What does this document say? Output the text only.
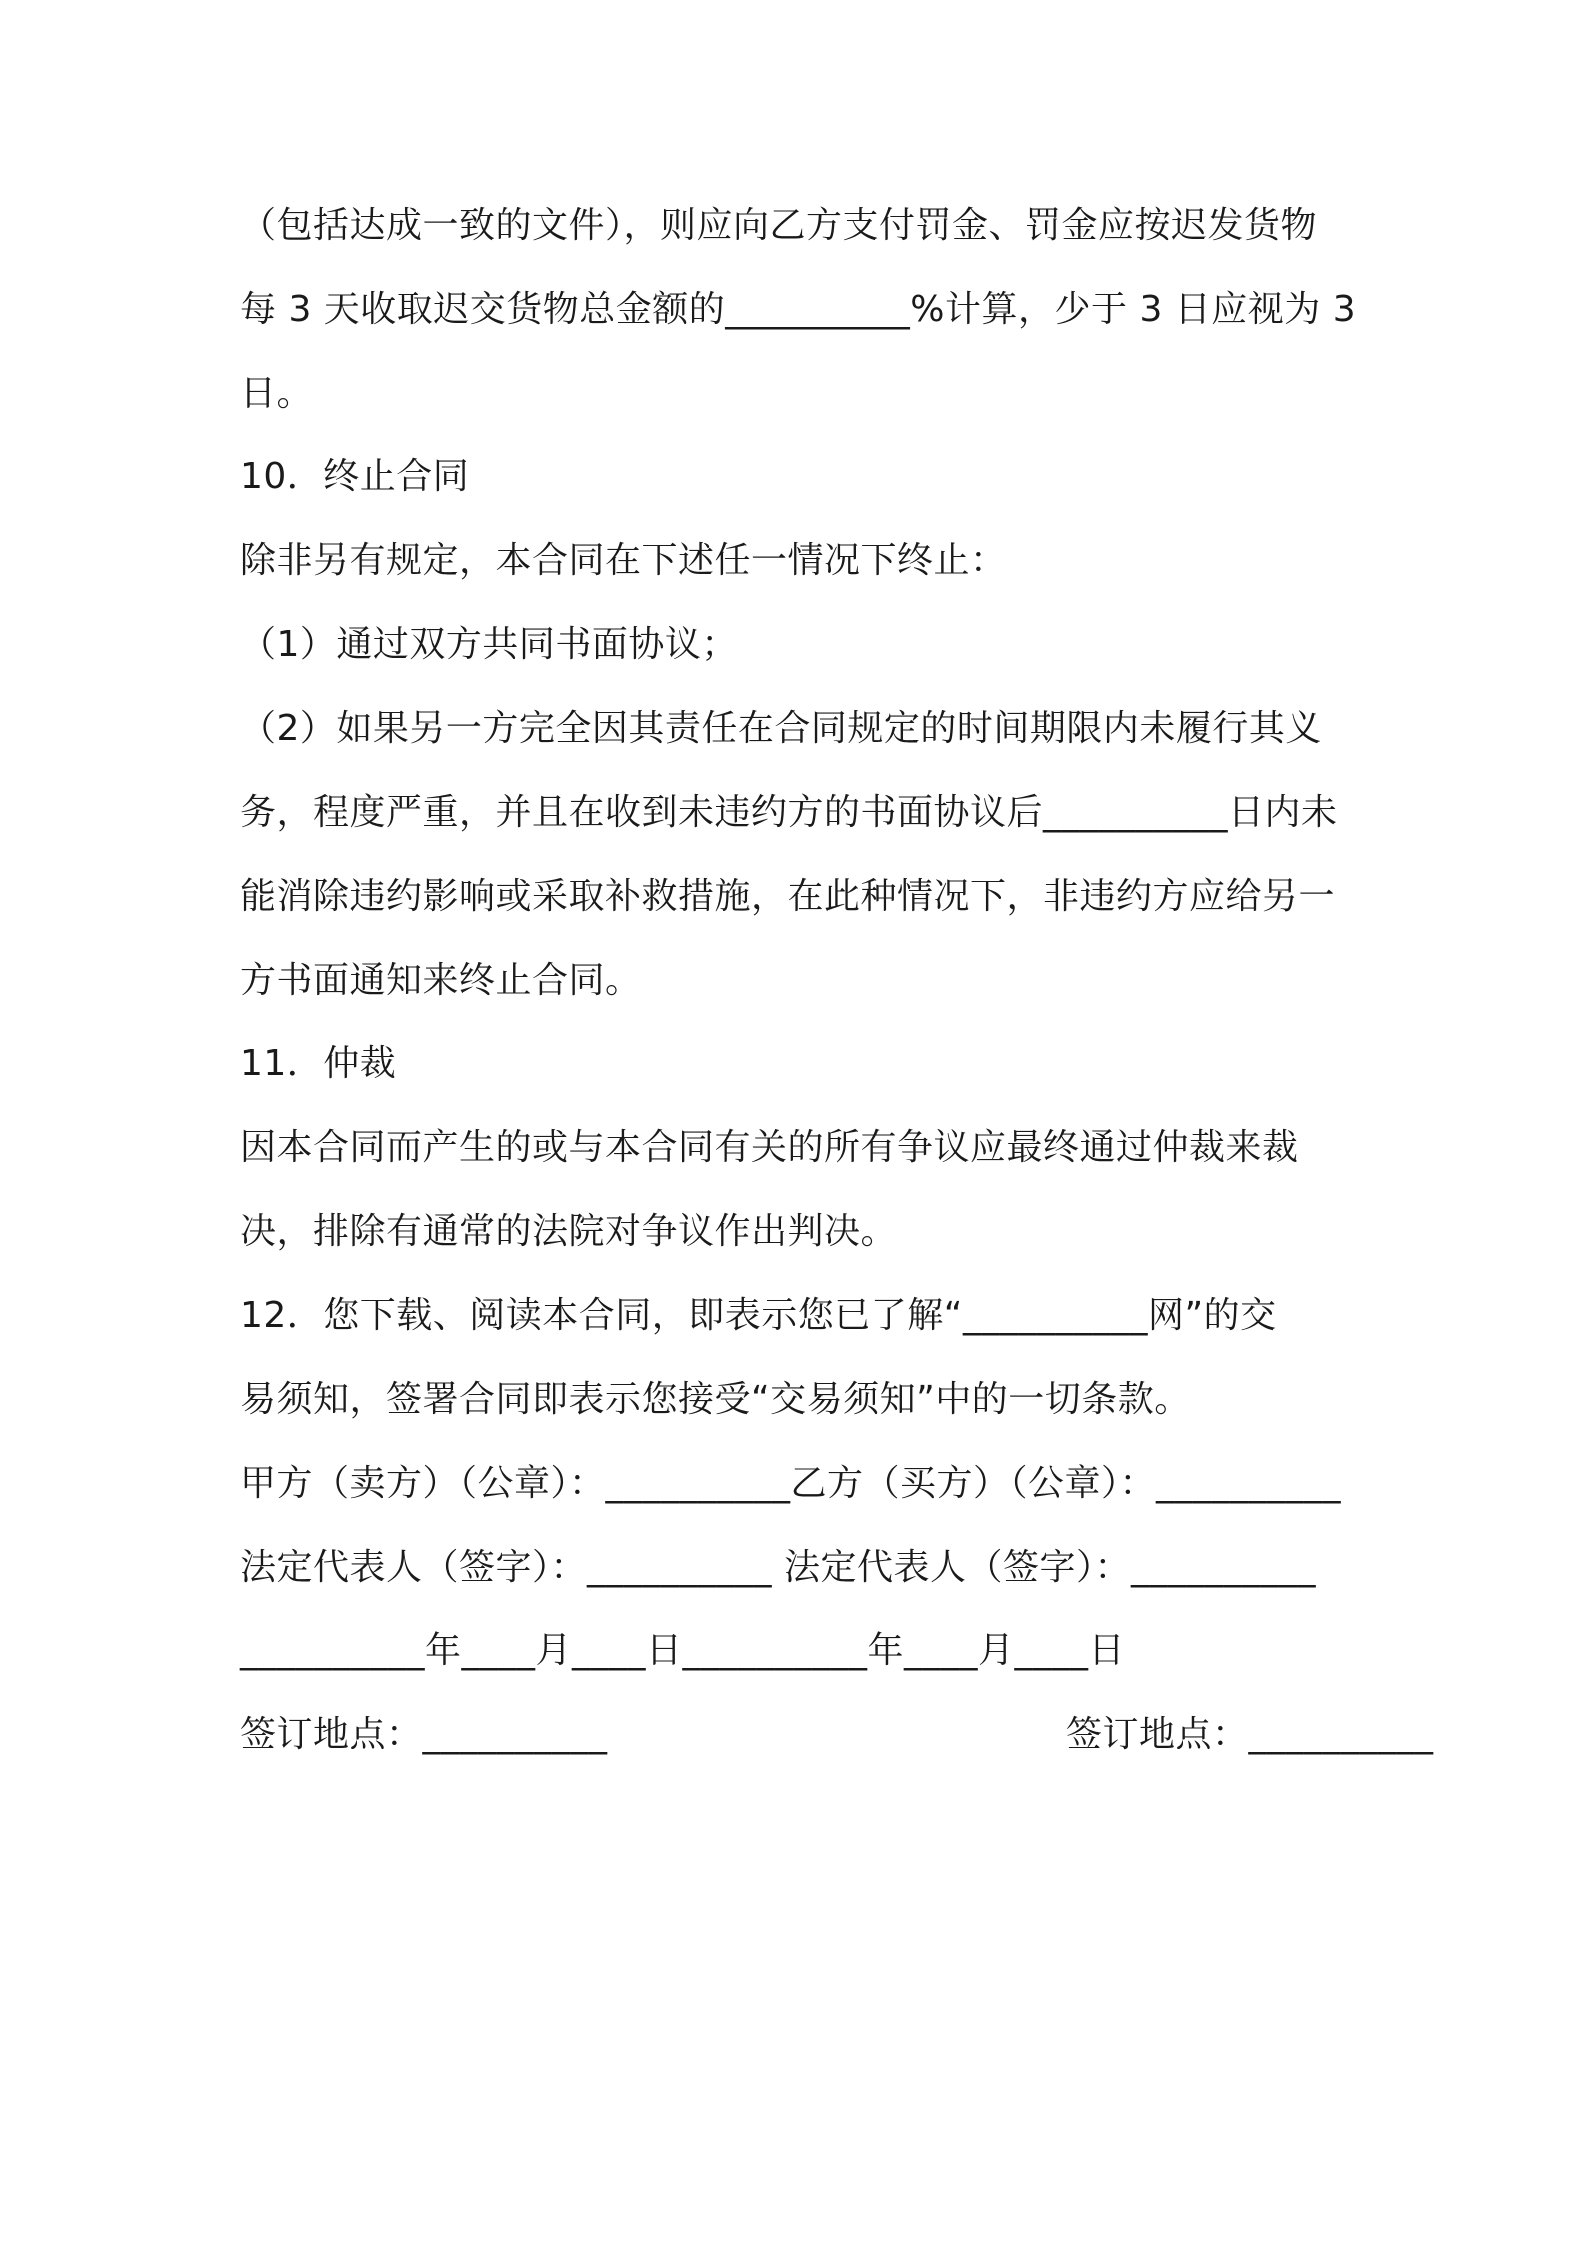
（包括达成一致的文件），则应向乙方支付罚金、罚金应按迟发货物
每 3 天收取迟交货物总金额的__________%计算，少于 3 日应视为 3
日。
10．终止合同
除非另有规定，本合同在下述任一情况下终止：
（1）通过双方共同书面协议；
（2）如果另一方完全因其责任在合同规定的时间期限内未履行其义
务，程度严重，并且在收到未违约方的书面协议后__________日内未
能消除违约影响或采取补救措施，在此种情况下，非违约方应给另一
方书面通知来终止合同。
11．仲裁
因本合同而产生的或与本合同有关的所有争议应最终通过仲裁来裁
决，排除有通常的法院对争议作出判决。
12．您下载、阅读本合同，即表示您已了解“__________网”的交
易须知，签署合同即表示您接受“交易须知”中的一切条款。
甲方（卖方）（公章）：__________乙方（买方）（公章）：__________
法定代表人（签字）：__________ 法定代表人（签字）：__________
__________年____月____日__________年____月____日
签订地点：__________	签订地点：__________
